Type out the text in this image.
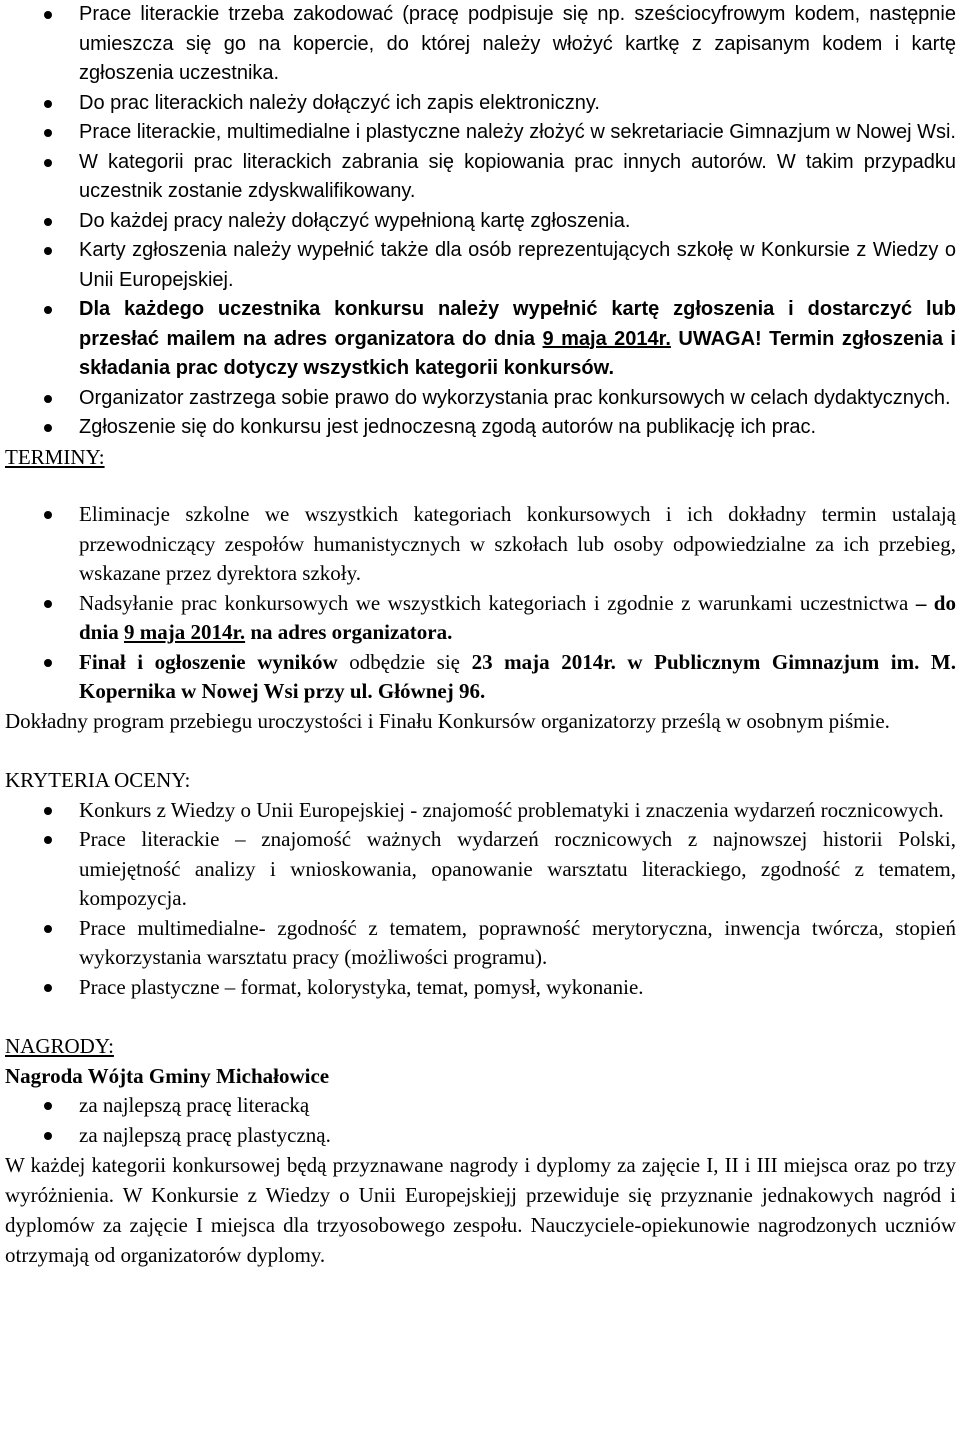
Prace literackie trzeba zakodować (pracę podpisuje się np. sześciocyfrowym kodem, następnie umieszcza się go na kopercie, do której należy włożyć kartkę z zapisanym kodem i kartę zgłoszenia uczestnika.
Do prac literackich należy dołączyć ich zapis elektroniczny.
Prace literackie, multimedialne i plastyczne należy złożyć w sekretariacie Gimnazjum w Nowej Wsi.
W kategorii prac literackich zabrania się kopiowania prac innych autorów. W takim przypadku uczestnik zostanie zdyskwalifikowany.
Do każdej pracy należy dołączyć wypełnioną kartę zgłoszenia.
Karty zgłoszenia należy wypełnić także dla osób reprezentujących szkołę w Konkursie z Wiedzy o Unii Europejskiej.
Dla każdego uczestnika konkursu należy wypełnić kartę zgłoszenia i dostarczyć lub przesłać mailem na adres organizatora do dnia 9 maja 2014r. UWAGA! Termin zgłoszenia i składania prac dotyczy wszystkich kategorii konkursów.
Organizator zastrzega sobie prawo do wykorzystania prac konkursowych w celach dydaktycznych.
Zgłoszenie się do konkursu jest jednoczesną zgodą autorów na publikację ich prac.
TERMINY:
Eliminacje szkolne we wszystkich kategoriach konkursowych i ich dokładny termin ustalają przewodniczący zespołów humanistycznych w szkołach lub osoby odpowiedzialne za ich przebieg, wskazane przez dyrektora szkoły.
Nadsyłanie prac konkursowych we wszystkich kategoriach i zgodnie z warunkami uczestnictwa – do dnia 9 maja 2014r. na adres organizatora.
Finał i ogłoszenie wyników odbędzie się 23 maja 2014r. w Publicznym Gimnazjum im. M. Kopernika w Nowej Wsi przy ul. Głównej 96.

Dokładny program przebiegu uroczystości i Finału Konkursów organizatorzy prześlą w osobnym piśmie.

KRYTERIA OCENY:
Konkurs z Wiedzy o Unii Europejskiej - znajomość problematyki i znaczenia wydarzeń rocznicowych.
Prace literackie – znajomość ważnych wydarzeń rocznicowych z najnowszej historii Polski, umiejętność analizy i wnioskowania, opanowanie warsztatu literackiego, zgodność z tematem, kompozycja.
Prace multimedialne- zgodność z tematem, poprawność merytoryczna, inwencja twórcza, stopień wykorzystania warsztatu pracy (możliwości programu).
Prace plastyczne – format, kolorystyka, temat, pomysł, wykonanie.
NAGRODY:
Nagroda Wójta Gminy Michałowice
za najlepszą pracę literacką
za najlepszą pracę plastyczną.

W każdej kategorii konkursowej będą przyznawane nagrody i dyplomy za zajęcie I, II i III miejsca oraz po trzy wyróżnienia. W Konkursie z Wiedzy o Unii Europejskiejj przewiduje się przyznanie jednakowych nagród i dyplomów za zajęcie I miejsca dla trzyosobowego zespołu. Nauczyciele-opiekunowie nagrodzonych uczniów otrzymają od organizatorów dyplomy.
